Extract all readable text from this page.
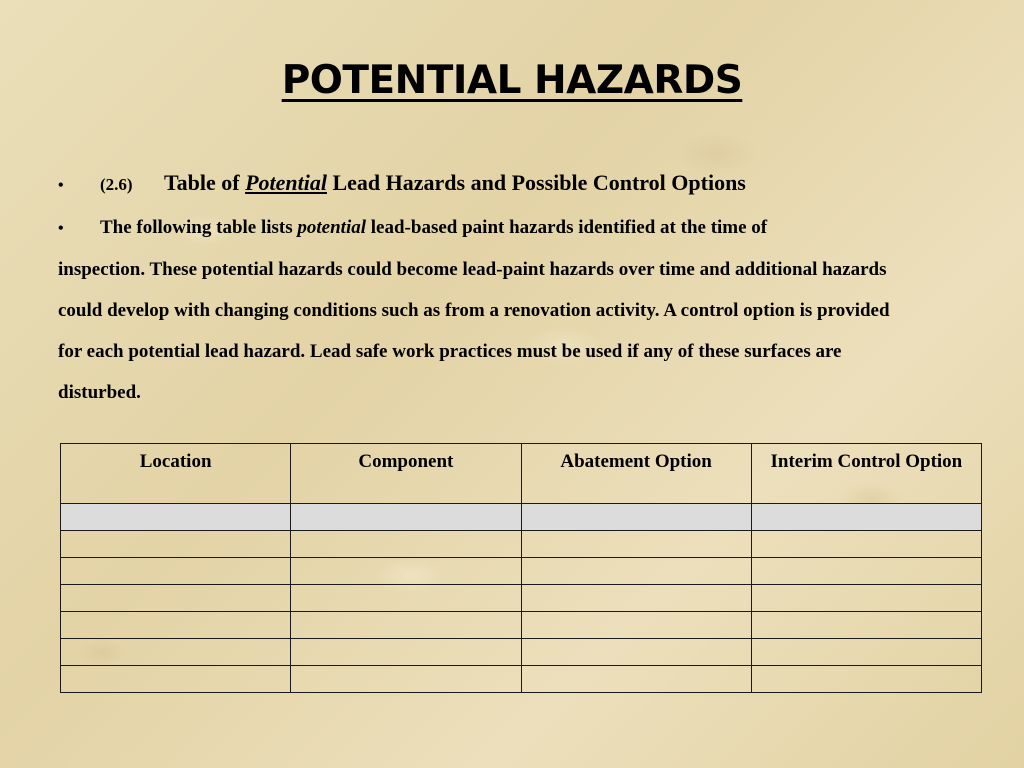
POTENTIAL HAZARDS
• (2.6) Table of Potential Lead Hazards and Possible Control Options
• The following table lists potential lead-based paint hazards identified at the time of
inspection. These potential hazards could become lead-paint hazards over time and additional hazards could develop with changing conditions such as from a renovation activity. A control option is provided for each potential lead hazard. Lead safe work practices must be used if any of these surfaces are disturbed.
Location	Component	Abatement Option	Interim Control Option
